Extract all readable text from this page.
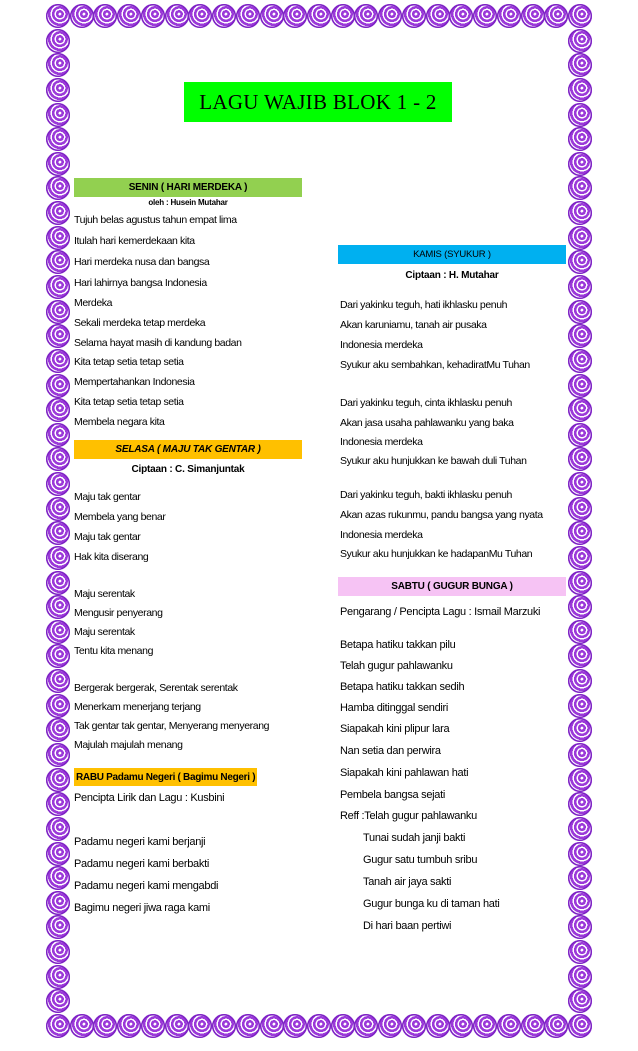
LAGU WAJIB BLOK 1 - 2
SENIN ( HARI MERDEKA )
oleh : Husein Mutahar
Tujuh belas agustus tahun empat lima
Itulah hari kemerdekaan kita
Hari merdeka nusa dan bangsa
Hari lahirnya bangsa Indonesia
Merdeka
Sekali merdeka tetap merdeka
Selama hayat masih di kandung badan
Kita tetap setia tetap setia
Mempertahankan Indonesia
Kita tetap setia tetap setia
Membela negara kita
SELASA ( MAJU TAK GENTAR )
Ciptaan : C. Simanjuntak
Maju tak gentar
Membela yang benar
Maju tak gentar
Hak kita diserang
Maju serentak
Mengusir penyerang
Maju serentak
Tentu kita menang
Bergerak bergerak, Serentak serentak
Menerkam menerjang terjang
Tak gentar tak gentar, Menyerang menyerang
Majulah majulah menang
RABU Padamu Negeri ( Bagimu Negeri )
Pencipta Lirik dan Lagu : Kusbini
Padamu negeri kami berjanji
Padamu negeri kami berbakti
Padamu negeri kami mengabdi
Bagimu negeri jiwa raga kami
KAMIS (SYUKUR )
Ciptaan : H. Mutahar
Dari yakinku teguh, hati ikhlasku penuh
Akan karuniamu, tanah air pusaka
Indonesia merdeka
Syukur aku sembahkan, kehadiratMu Tuhan
Dari yakinku teguh, cinta ikhlasku penuh
Akan jasa usaha pahlawanku yang baka
Indonesia merdeka
Syukur aku hunjukkan ke bawah duli Tuhan
Dari yakinku teguh, bakti ikhlasku penuh
Akan azas rukunmu, pandu bangsa yang nyata
Indonesia merdeka
Syukur aku hunjukkan ke hadapanMu Tuhan
SABTU ( GUGUR BUNGA )
Pengarang / Pencipta Lagu : Ismail Marzuki
Betapa hatiku takkan pilu
Telah gugur pahlawanku
Betapa hatiku takkan sedih
Hamba ditinggal sendiri
Siapakah kini plipur lara
Nan setia dan perwira
Siapakah kini pahlawan hati
Pembela bangsa sejati
Reff :Telah gugur pahlawanku
Tunai sudah janji bakti
Gugur satu tumbuh sribu
Tanah air jaya sakti
Gugur bunga ku di taman hati
Di hari baan pertiwi
